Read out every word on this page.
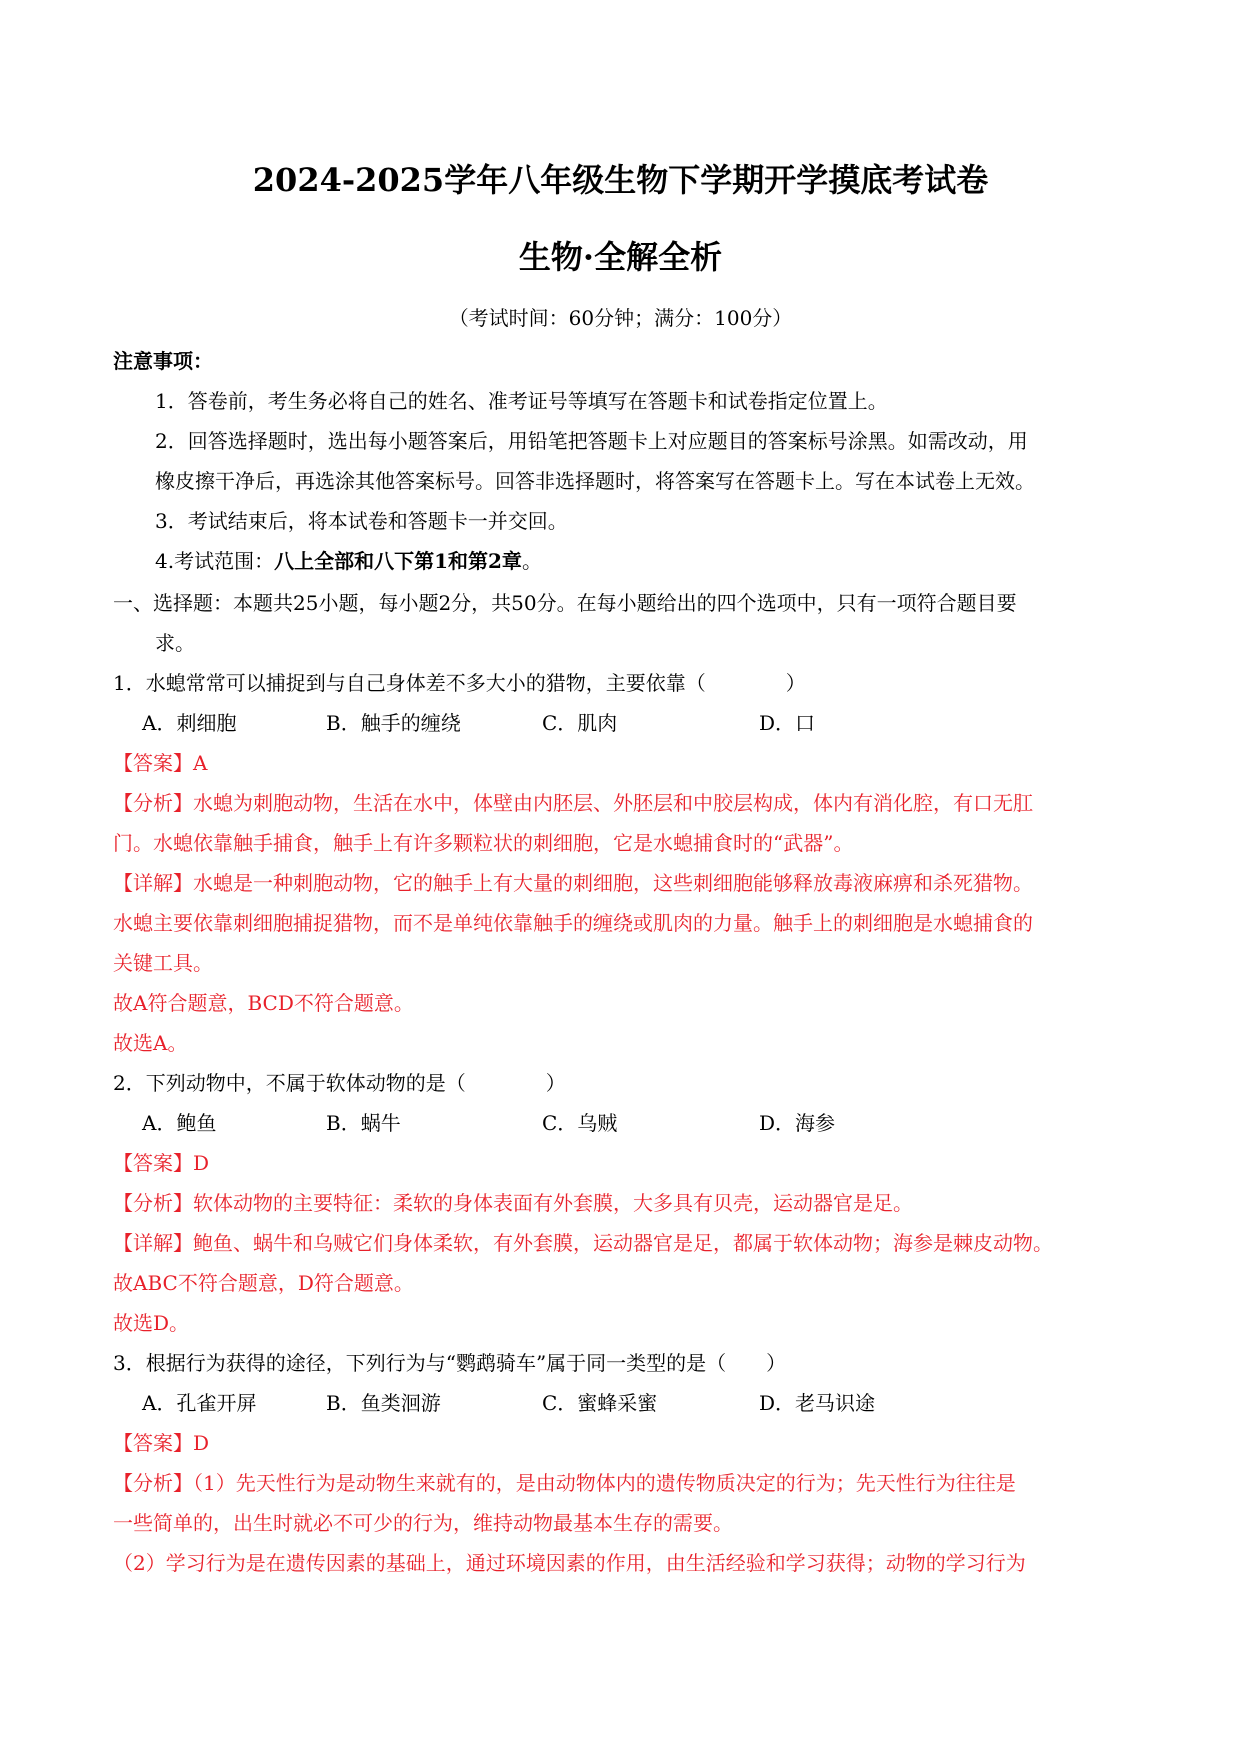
2024-2025学年八年级生物下学期开学摸底考试卷
生物·全解全析
（考试时间：60分钟；满分：100分）
注意事项：
1．答卷前，考生务必将自己的姓名、准考证号等填写在答题卡和试卷指定位置上。
2．回答选择题时，选出每小题答案后，用铅笔把答题卡上对应题目的答案标号涂黑。如需改动，用
橡皮擦干净后，再选涂其他答案标号。回答非选择题时，将答案写在答题卡上。写在本试卷上无效。
3．考试结束后，将本试卷和答题卡一并交回。
4.考试范围：八上全部和八下第1和第2章。
一、选择题：本题共25小题，每小题2分，共50分。在每小题给出的四个选项中，只有一项符合题目要
求。
1．水螅常常可以捕捉到与自己身体差不多大小的猎物，主要依靠（　　　　）
A．刺细胞	B．触手的缠绕	C．肌肉	D．口
【答案】A
【分析】水螅为刺胞动物，生活在水中，体壁由内胚层、外胚层和中胶层构成，体内有消化腔，有口无肛
门。水螅依靠触手捕食，触手上有许多颗粒状的刺细胞，它是水螅捕食时的“武器”。
【详解】水螅是一种刺胞动物，它的触手上有大量的刺细胞，这些刺细胞能够释放毒液麻痹和杀死猎物。
水螅主要依靠刺细胞捕捉猎物，而不是单纯依靠触手的缠绕或肌肉的力量。触手上的刺细胞是水螅捕食的
关键工具。
故A符合题意，BCD不符合题意。
故选A。
2．下列动物中，不属于软体动物的是（　　　　）
A．鲍鱼	B．蜗牛	C．乌贼	D．海参
【答案】D
【分析】软体动物的主要特征：柔软的身体表面有外套膜，大多具有贝壳，运动器官是足。
【详解】鲍鱼、蜗牛和乌贼它们身体柔软，有外套膜，运动器官是足，都属于软体动物；海参是棘皮动物。
故ABC不符合题意，D符合题意。
故选D。
3．根据行为获得的途径，下列行为与“鹦鹉骑车”属于同一类型的是（　　）
A．孔雀开屏	B．鱼类洄游	C．蜜蜂采蜜	D．老马识途
【答案】D
【分析】（1）先天性行为是动物生来就有的，是由动物体内的遗传物质决定的行为；先天性行为往往是
一些简单的，出生时就必不可少的行为，维持动物最基本生存的需要。
（2）学习行为是在遗传因素的基础上，通过环境因素的作用，由生活经验和学习获得；动物的学习行为
